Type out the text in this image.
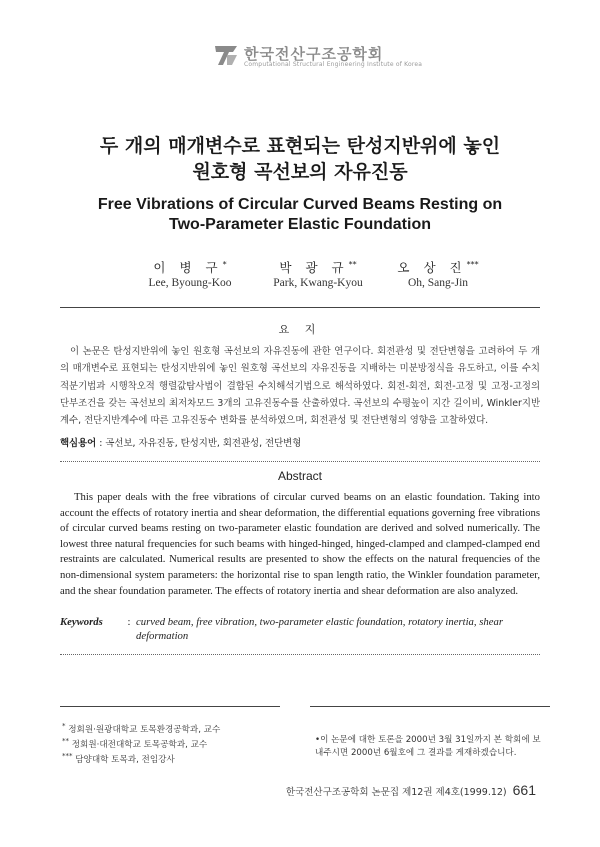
한국전산구조공학회
Computational Structural Engineering Institute of Korea
두 개의 매개변수로 표현되는 탄성지반위에 놓인
원호형 곡선보의 자유진동
Free Vibrations of Circular Curved Beams Resting on
Two-Parameter Elastic Foundation
이 병 구*
Lee, Byoung-Koo
박 광 규**
Park, Kwang-Kyou
오 상 진***
Oh, Sang-Jin
요 지

이 논문은 탄성지반위에 놓인 원호형 곡선보의 자유진동에 관한 연구이다. 회전관성 및 전단변형을 고려하여 두 개의 매개변수로 표현되는 탄성지반위에 놓인 원호형 곡선보의 자유진동을 지배하는 미분방정식을 유도하고, 이를 수치적분기법과 시행착오적 행렬값탐사법이 결합된 수치해석기법으로 해석하였다. 회전-회전, 회전-고정 및 고정-고정의 단부조건을 갖는 곡선보의 최저차모드 3개의 고유진동수를 산출하였다. 곡선보의 수평높이 지간 길이비, Winkler지반계수, 전단지반계수에 따른 고유진동수 변화를 분석하였으며, 회전관성 및 전단변형의 영향을 고찰하였다.

핵심용어 : 곡선보, 자유진동, 탄성지반, 회전관성, 전단변형
Abstract

This paper deals with the free vibrations of circular curved beams on an elastic foundation. Taking into account the effects of rotatory inertia and shear deformation, the differential equations governing free vibrations of circular curved beams resting on two-parameter elastic foundation are derived and solved numerically. The lowest three natural frequencies for such beams with hinged-hinged, hinged-clamped and clamped-clamped end restraints are calculated. Numerical results are presented to show the effects on the natural frequencies of the non-dimensional system parameters: the horizontal rise to span length ratio, the Winkler foundation parameter, and the shear foundation parameter. The effects of rotatory inertia and shear deformation are also analyzed.

Keywords	: curved beam, free vibration, two-parameter elastic foundation, rotatory inertia, shear
deformation
* 정회원·원광대학교 토목환경공학과, 교수
** 정회원·대전대학교 토목공학과, 교수
*** 담양대학 토목과, 전임강사
•이 논문에 대한 토론을 2000년 3월 31일까지 본 학회에 보내주시면 2000년 6월호에 그 결과를 게재하겠습니다.
한국전산구조공학회 논문집 제12권 제4호(1999.12) 661
